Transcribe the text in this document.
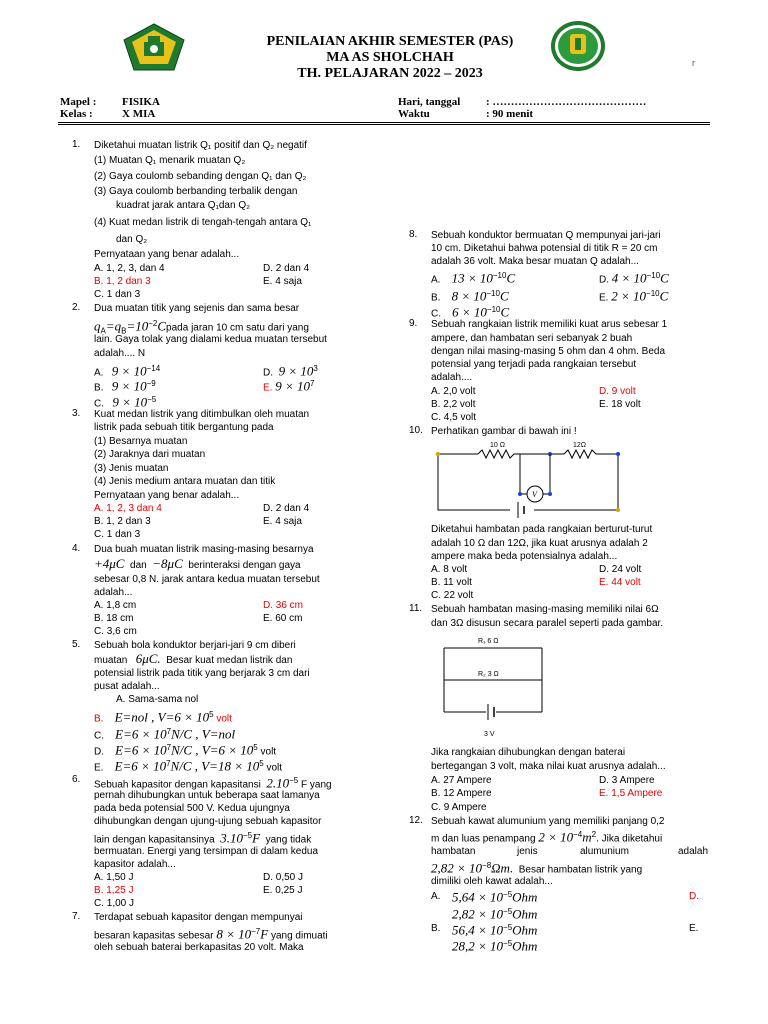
PENILAIAN AKHIR SEMESTER (PAS)
MA AS SHOLCHAH
TH. PELAJARAN 2022 – 2023
r
Mapel : FISIKA
Kelas :	X MIA
Hari, tanggal : ……………………………………
Waktu	: 90 menit
1. Diketahui muatan listrik Q₁ positif dan Q₂ negatif
(1) Muatan Q₁ menarik muatan Q₂
(2) Gaya coulomb sebanding dengan Q₁ dan Q₂
(3) Gaya coulomb berbanding terbalik dengan
kuadrat jarak antara Q₁dan Q₂
(4) Kuat medan listrik di tengah-tengah antara Q₁
dan Q₂
Pernyataan yang benar adalah...
A. 1, 2, 3, dan 4
B. 1, 2 dan 3
C. 1 dan 3
D. 2 dan 4
E. 4 saja
2. Dua muatan titik yang sejenis dan sama besar
$q_A=q_B=10^{-2}Cpada$ jaran 10 cm satu dari yang
lain. Gaya tolak yang dialami kedua muatan tersebut
adalah.... N
A. $9 \times 10^{-14}$
B. $9 \times 10^{-9}$
C. $9 \times 10^{-5}$
D. $9 \times 10^3$
E. $9 \times 10^7$
3. Kuat medan listrik yang ditimbulkan oleh muatan
listrik pada sebuah titik bergantung pada
(1) Besarnya muatan
(2) Jaraknya dari muatan
(3) Jenis muatan
(4) Jenis medium antara muatan dan titik
Pernyataan yang benar adalah...
A. 1, 2, 3 dan 4
B. 1, 2 dan 3
C. 1 dan 3
D. 2 dan 4
E. 4 saja
4. Dua buah muatan listrik masing-masing besarnya
+4μC dan −8μC berinteraksi dengan gaya
sebesar 0,8 N. jarak antara kedua muatan tersebut
adalah...
A. 1,8 cm
B. 18 cm
C. 3,6 cm
D. 36 cm
E. 60 cm
5. Sebuah bola konduktor berjari-jari 9 cm diberi
muatan 6μC. Besar kuat medan listrik dan
potensial listrik pada titik yang berjarak 3 cm dari
pusat adalah...
A. Sama-sama nol
B. E=nol , $V=6 \times 10^5$ volt
C. $E=6 \times 10^7N/C$ , V=nol
D. $E=6 \times 10^7N/C$ , $V=6 \times 10^5$ volt
E. $E=6 \times 10^7N/C$ , $V=18 \times 10^5$ volt
6. Sebuah kapasitor dengan kapasitansi $2.10^{-5}$ F yang
pernah dihubungkan untuk beberapa saat lamanya
pada beda potensial 500 V. Kedua ujungnya
dihubungkan dengan ujung-ujung sebuah kapasitor
lain dengan kapasitansinya $3.10^{-5}F$ yang tidak
bermuatan. Energi yang tersimpan di dalam kedua
kapasitor adalah...
A. 1,50 J
B. 1,25 J
C. 1,00 J
D. 0,50 J
E. 0,25 J
7. Terdapat sebuah kapasitor dengan mempunyai
besaran kapasitas sebesar $8 \times 10^{-7}F$ yang dimuati
oleh sebuah baterai berkapasitas 20 volt. Maka
8. Sebuah konduktor bermuatan Q mempunyai jari-jari
10 cm. Diketahui bahwa potensial di titik R = 20 cm
adalah 36 volt. Maka besar muatan Q adalah...
A. $13 \times 10^{-10}C$
B. $8 \times 10^{-10}C$
C. $6 \times 10^{-10}C$
D. $4 \times 10^{-10}C$
E. $2 \times 10^{-10}C$
9. Sebuah rangkaian listrik memiliki kuat arus sebesar 1
ampere, dan hambatan seri sebanyak 2 buah
dengan nilai masing-masing 5 ohm dan 4 ohm. Beda
potensial yang terjadi pada rangkaian tersebut
adalah....
A. 2,0 volt
B. 2,2 volt
C. 4,5 volt
D. 9 volt
E. 18 volt
10. Perhatikan gambar di bawah ini !
10 Ω	12Ω
V
Diketahui hambatan pada rangkaian berturut-turut
adalah 10 Ω dan 12Ω, jika kuat arusnya adalah 2
ampere maka beda potensialnya adalah...
A. 8 volt
B. 11 volt
C. 22 volt
D. 24 volt
E. 44 volt
11. Sebuah hambatan masing-masing memiliki nilai 6Ω
dan 3Ω disusun secara paralel seperti pada gambar.
R₁ 6 Ω
R₂ 3 Ω
3 V
Jika rangkaian dihubungkan dengan baterai
bertegangan 3 volt, maka nilai kuat arusnya adalah...
A. 27 Ampere
B. 12 Ampere
C. 9 Ampere
D. 3 Ampere
E. 1,5 Ampere
12. Sebuah kawat alumunium yang memiliki panjang 0,2
m dan luas penampang $2 \times 10^{-4}m^2$. Jika diketahui
hambatan	jenis	alumunium	adalah
$2,82 \times 10^{-8}\Omega m$. Besar hambatan listrik yang
dimiliki oleh kawat adalah...
A. $5,64 \times 10^{-5}Ohm$
$2,82 \times 10^{-5}Ohm$
B. $56,4 \times 10^{-5}Ohm$
$28,2 \times 10^{-5}Ohm$
D.
E.
